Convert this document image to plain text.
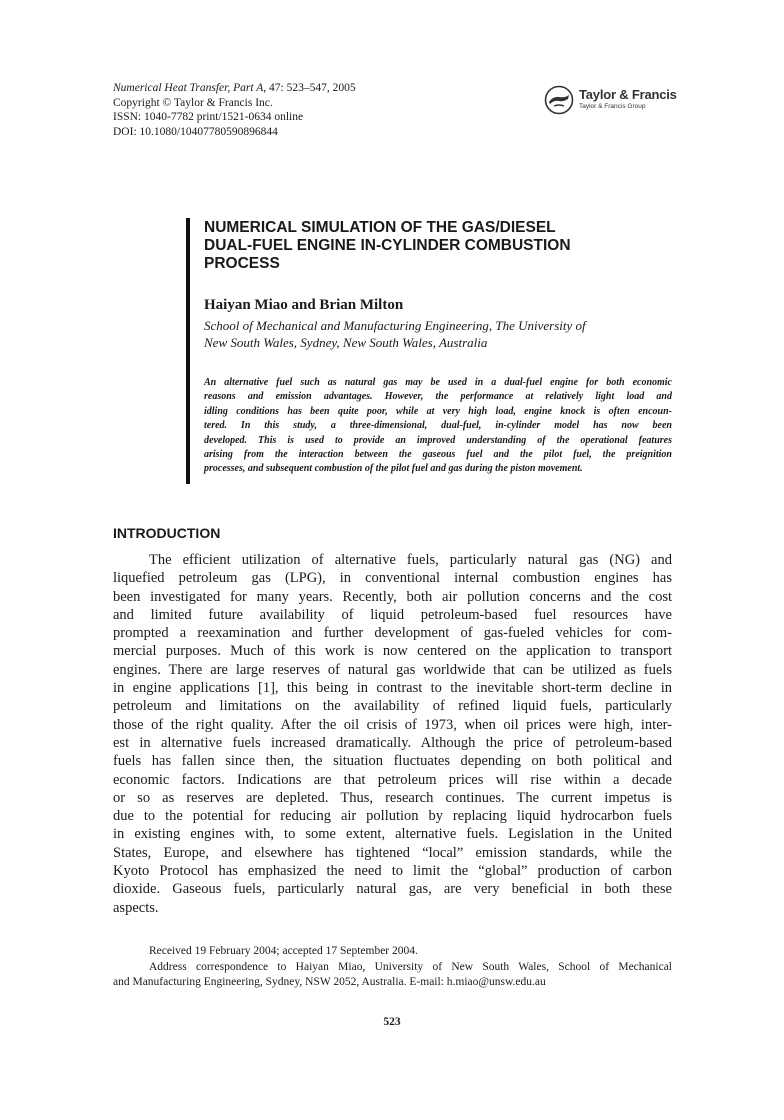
Numerical Heat Transfer, Part A, 47: 523–547, 2005
Copyright © Taylor & Francis Inc.
ISSN: 1040-7782 print/1521-0634 online
DOI: 10.1080/10407780590896844
Taylor & Francis
Taylor & Francis Group
NUMERICAL SIMULATION OF THE GAS/DIESEL
DUAL-FUEL ENGINE IN-CYLINDER COMBUSTION
PROCESS
Haiyan Miao and Brian Milton
School of Mechanical and Manufacturing Engineering, The University of
New South Wales, Sydney, New South Wales, Australia
An alternative fuel such as natural gas may be used in a dual-fuel engine for both economic
reasons and emission advantages. However, the performance at relatively light load and
idling conditions has been quite poor, while at very high load, engine knock is often encoun-
tered. In this study, a three-dimensional, dual-fuel, in-cylinder model has now been
developed. This is used to provide an improved understanding of the operational features
arising from the interaction between the gaseous fuel and the pilot fuel, the preignition
processes, and subsequent combustion of the pilot fuel and gas during the piston movement.
INTRODUCTION
The efficient utilization of alternative fuels, particularly natural gas (NG) and
liquefied petroleum gas (LPG), in conventional internal combustion engines has
been investigated for many years. Recently, both air pollution concerns and the cost
and limited future availability of liquid petroleum-based fuel resources have
prompted a reexamination and further development of gas-fueled vehicles for com-
mercial purposes. Much of this work is now centered on the application to transport
engines. There are large reserves of natural gas worldwide that can be utilized as fuels
in engine applications [1], this being in contrast to the inevitable short-term decline in
petroleum and limitations on the availability of refined liquid fuels, particularly
those of the right quality. After the oil crisis of 1973, when oil prices were high, inter-
est in alternative fuels increased dramatically. Although the price of petroleum-based
fuels has fallen since then, the situation fluctuates depending on both political and
economic factors. Indications are that petroleum prices will rise within a decade
or so as reserves are depleted. Thus, research continues. The current impetus is
due to the potential for reducing air pollution by replacing liquid hydrocarbon fuels
in existing engines with, to some extent, alternative fuels. Legislation in the United
States, Europe, and elsewhere has tightened “local” emission standards, while the
Kyoto Protocol has emphasized the need to limit the “global” production of carbon
dioxide. Gaseous fuels, particularly natural gas, are very beneficial in both these
aspects.
Received 19 February 2004; accepted 17 September 2004.
Address correspondence to Haiyan Miao, University of New South Wales, School of Mechanical
and Manufacturing Engineering, Sydney, NSW 2052, Australia. E-mail: h.miao@unsw.edu.au
523
